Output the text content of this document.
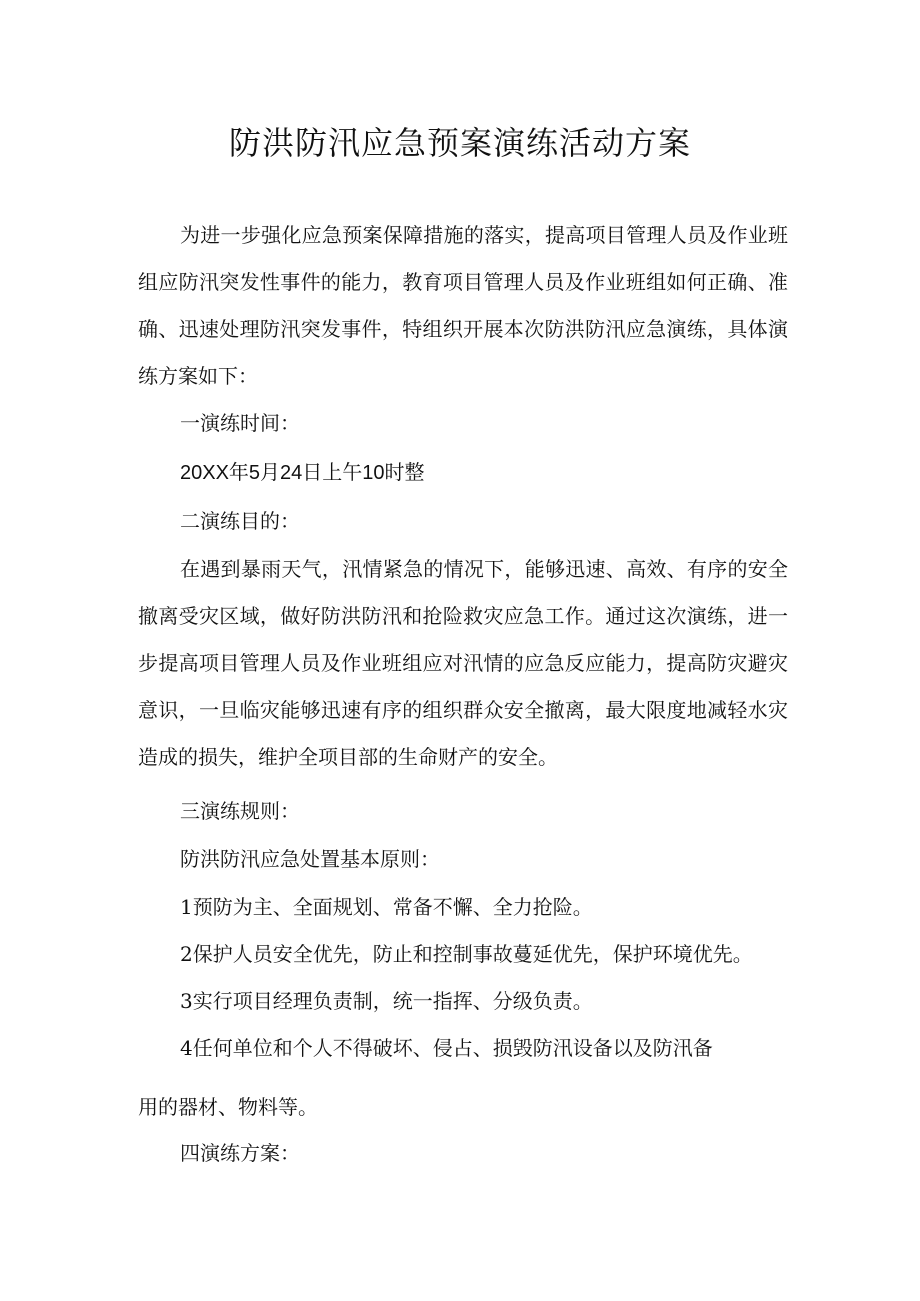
防洪防汛应急预案演练活动方案

为进一步强化应急预案保障措施的落实，提高项目管理人员及作业班组应防汛突发性事件的能力，教育项目管理人员及作业班组如何正确、准确、迅速处理防汛突发事件，特组织开展本次防洪防汛应急演练，具体演练方案如下：

一演练时间：

20XX年5月24日上午10时整

二演练目的：

在遇到暴雨天气，汛情紧急的情况下，能够迅速、高效、有序的安全撤离受灾区域，做好防洪防汛和抢险救灾应急工作。通过这次演练，进一步提高项目管理人员及作业班组应对汛情的应急反应能力，提高防灾避灾意识，一旦临灾能够迅速有序的组织群众安全撤离，最大限度地减轻水灾造成的损失，维护全项目部的生命财产的安全。

三演练规则：

防洪防汛应急处置基本原则：

1预防为主、全面规划、常备不懈、全力抢险。

2保护人员安全优先，防止和控制事故蔓延优先，保护环境优先。

3实行项目经理负责制，统一指挥、分级负责。

4任何单位和个人不得破坏、侵占、损毁防汛设备以及防汛备

用的器材、物料等。

四演练方案：
